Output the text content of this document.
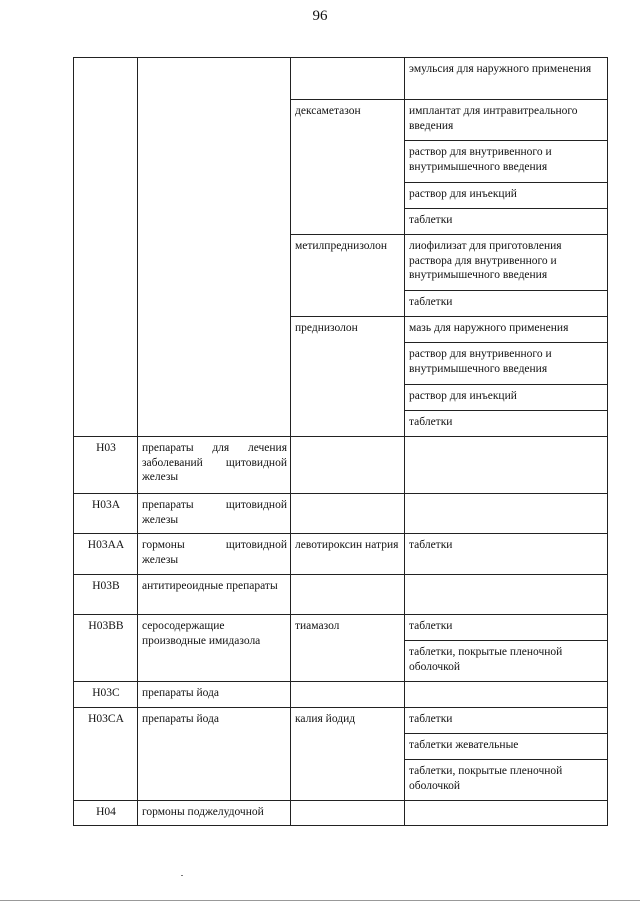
96
			эмульсия для наружного применения
		дексаметазон	имплантат для интравитреального введения
			раствор для внутривенного и внутримышечного введения
			раствор для инъекций
			таблетки
		метилпреднизолон	лиофилизат для приготовления раствора для внутривенного и внутримышечного введения
			таблетки
		преднизолон	мазь для наружного применения
			раствор для внутривенного и внутримышечного введения
			раствор для инъекций
			таблетки
H03	препараты для лечения заболеваний щитовидной железы		
H03A	препараты щитовидной железы		
H03AA	гормоны щитовидной железы	левотироксин натрия	таблетки
H03B	антитиреоидные препараты		
H03BB	серосодержащие производные имидазола	тиамазол	таблетки
			таблетки, покрытые пленочной оболочкой
H03C	препараты йода		
H03CA	препараты йода	калия йодид	таблетки
			таблетки жевательные
			таблетки, покрытые пленочной оболочкой
H04	гормоны поджелудочной		
